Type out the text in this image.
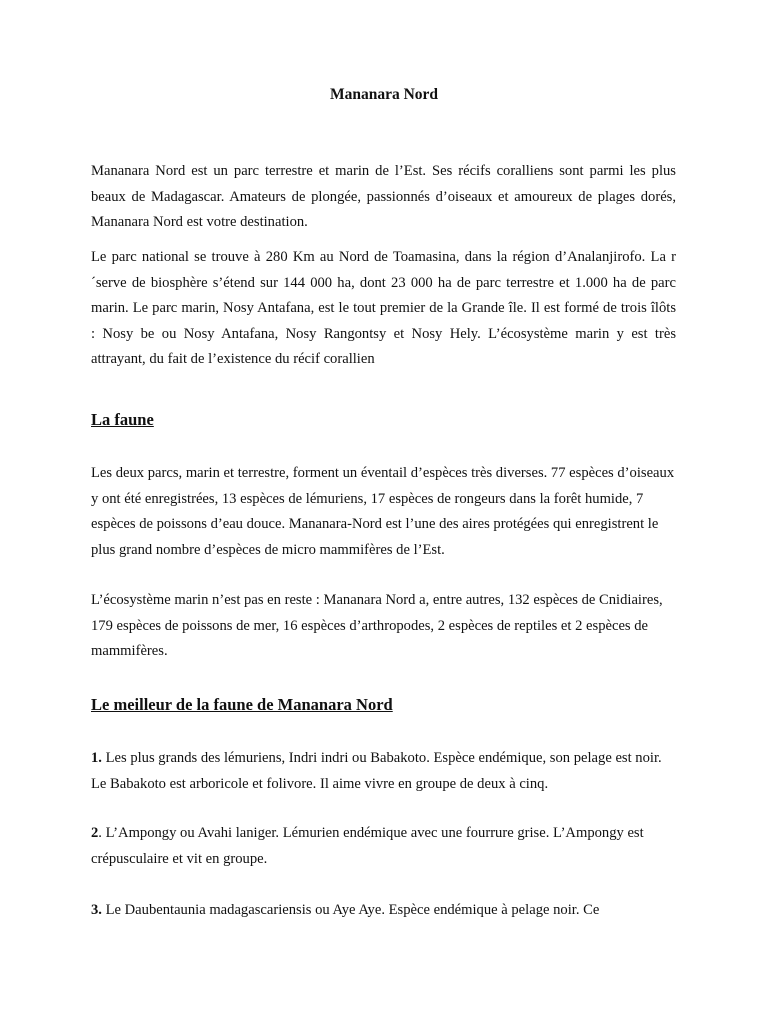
Mananara Nord

Mananara Nord est un parc terrestre et marin de l’Est. Ses récifs coralliens sont parmi les plus beaux de Madagascar. Amateurs de plongée, passionnés d’oiseaux et amoureux de plages dorés, Mananara Nord est votre destination.

Le parc national se trouve à 280 Km au Nord de Toamasina, dans la région d’Analanjirofo. La r´serve de biosphère s’étend sur 144 000 ha, dont 23 000 ha de parc terrestre et 1.000 ha de parc marin. Le parc marin, Nosy Antafana, est le tout premier de la Grande île. Il est formé de trois îlôts : Nosy be ou Nosy Antafana, Nosy Rangontsy et Nosy Hely. L’écosystème marin y est très attrayant, du fait de l’existence du récif corallien

La faune

Les deux parcs, marin et terrestre, forment un éventail d’espèces très diverses. 77 espèces d’oiseaux y ont été enregistrées, 13 espèces de lémuriens, 17 espèces de rongeurs dans la forêt humide, 7 espèces de poissons d’eau douce. Mananara-Nord est l’une des aires protégées qui enregistrent le plus grand nombre d’espèces de micro mammifères de l’Est.

L’écosystème marin n’est pas en reste : Mananara Nord a, entre autres, 132 espèces de Cnidiaires, 179 espèces de poissons de mer, 16 espèces d’arthropodes, 2 espèces de reptiles et 2 espèces de mammifères.

Le meilleur de la faune de Mananara Nord

1. Les plus grands des lémuriens, Indri indri ou Babakoto. Espèce endémique, son pelage est noir. Le Babakoto est arboricole et folivore. Il aime vivre en groupe de deux à cinq.

2. L’Ampongy ou Avahi laniger. Lémurien endémique avec une fourrure grise. L’Ampongy est crépusculaire et vit en groupe.

3. Le Daubentaunia madagascariensis ou Aye Aye. Espèce endémique à pelage noir. Ce
